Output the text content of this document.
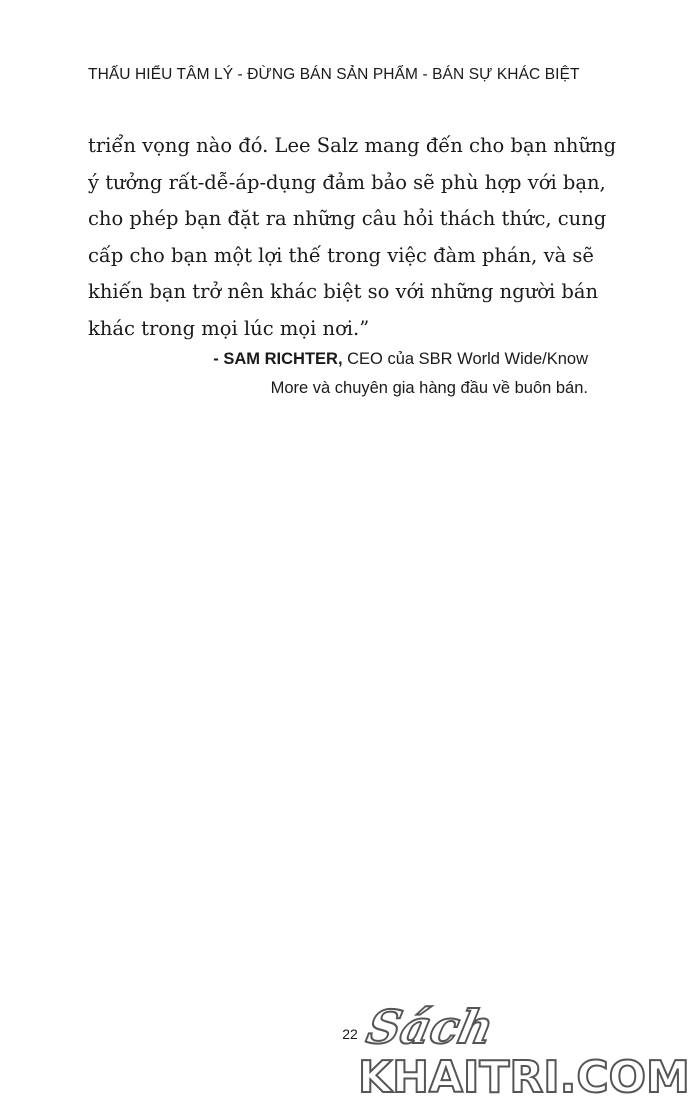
THẤU HIỂU TÂM LÝ - ĐỪNG BÁN SẢN PHẨM - BÁN SỰ KHÁC BIỆT
triển vọng nào đó. Lee Salz mang đến cho bạn những
ý tưởng rất-dễ-áp-dụng đảm bảo sẽ phù hợp với bạn,
cho phép bạn đặt ra những câu hỏi thách thức, cung
cấp cho bạn một lợi thế trong việc đàm phán, và sẽ
khiến bạn trở nên khác biệt so với những người bán
khác trong mọi lúc mọi nơi.”
- SAM RICHTER, CEO của SBR World Wide/Know
More và chuyên gia hàng đầu về buôn bán.
22 Sách
KHAITRI.COM
